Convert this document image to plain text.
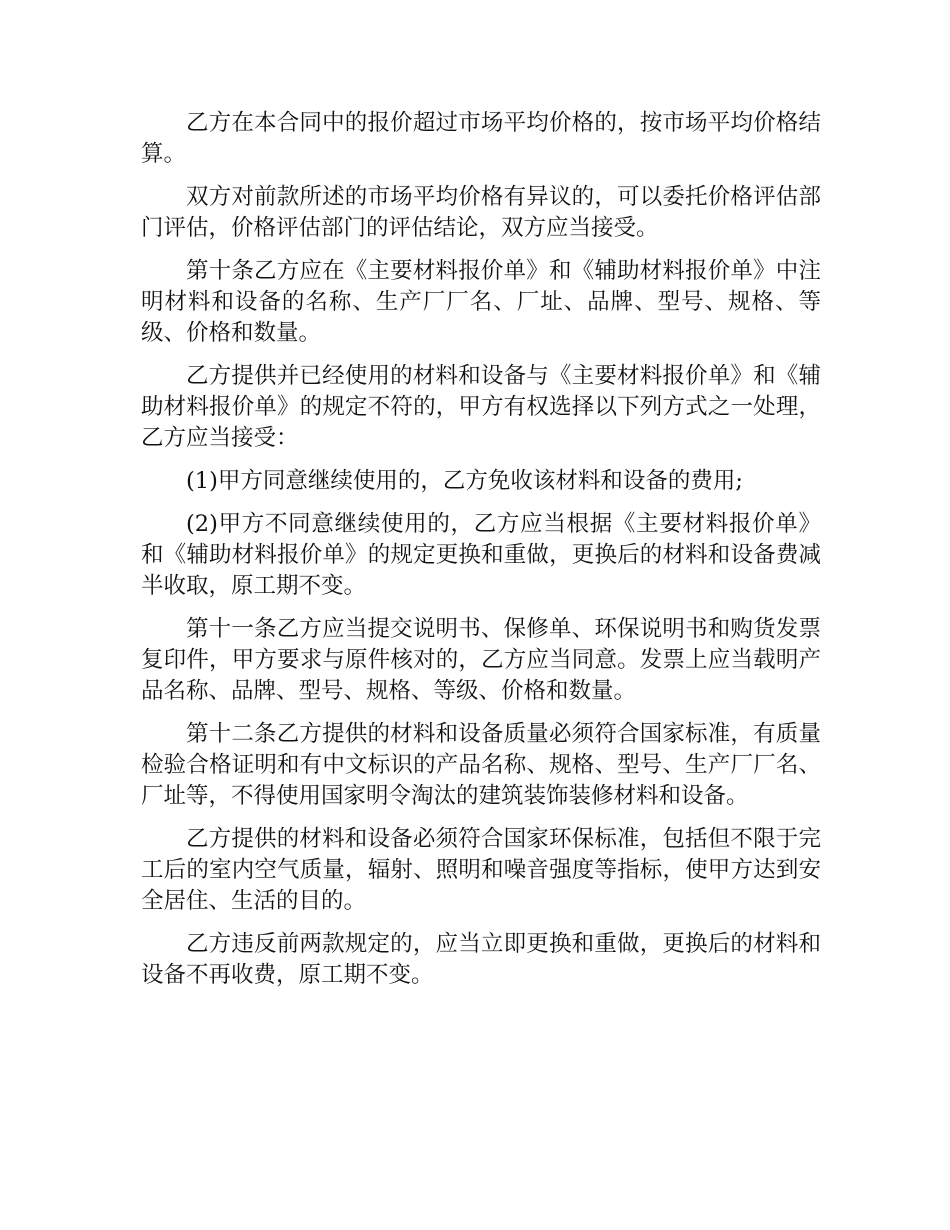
乙方在本合同中的报价超过市场平均价格的，按市场平均价格结算。

双方对前款所述的市场平均价格有异议的，可以委托价格评估部门评估，价格评估部门的评估结论，双方应当接受。

第十条乙方应在《主要材料报价单》和《辅助材料报价单》中注明材料和设备的名称、生产厂厂名、厂址、品牌、型号、规格、等级、价格和数量。

乙方提供并已经使用的材料和设备与《主要材料报价单》和《辅助材料报价单》的规定不符的，甲方有权选择以下列方式之一处理，乙方应当接受：

(1)甲方同意继续使用的，乙方免收该材料和设备的费用;

(2)甲方不同意继续使用的，乙方应当根据《主要材料报价单》和《辅助材料报价单》的规定更换和重做，更换后的材料和设备费减半收取，原工期不变。

第十一条乙方应当提交说明书、保修单、环保说明书和购货发票复印件，甲方要求与原件核对的，乙方应当同意。发票上应当载明产品名称、品牌、型号、规格、等级、价格和数量。

第十二条乙方提供的材料和设备质量必须符合国家标准，有质量检验合格证明和有中文标识的产品名称、规格、型号、生产厂厂名、厂址等，不得使用国家明令淘汰的建筑装饰装修材料和设备。

乙方提供的材料和设备必须符合国家环保标准，包括但不限于完工后的室内空气质量，辐射、照明和噪音强度等指标，使甲方达到安全居住、生活的目的。

乙方违反前两款规定的，应当立即更换和重做，更换后的材料和设备不再收费，原工期不变。
